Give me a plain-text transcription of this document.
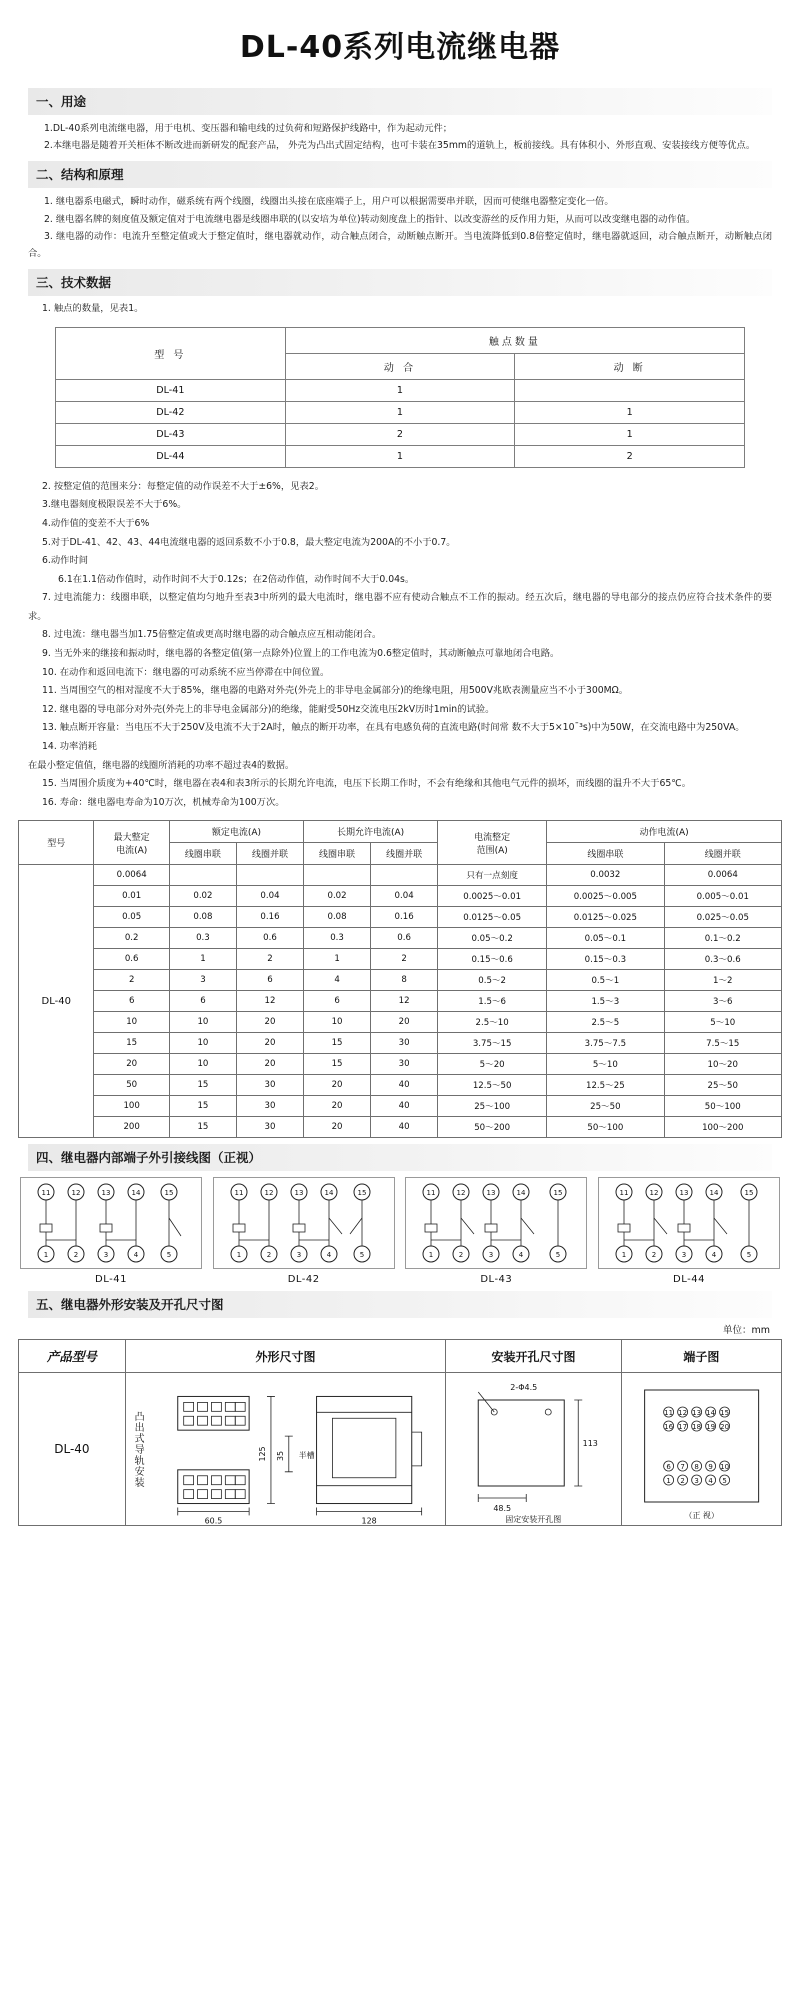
DL-40系列电流继电器
一、用途
1.DL-40系列电流继电器，用于电机、变压器和输电线的过负荷和短路保护线路中，作为起动元件；
2.本继电器是随着开关柜体不断改进而新研发的配套产品， 外壳为凸出式固定结构，也可卡装在35mm的道轨上，板前接线。具有体积小、外形直观、安装接线方便等优点。
二、结构和原理
1. 继电器系电磁式，瞬时动作，磁系统有两个线圈，线圈出头接在底座端子上，用户可以根据需要串并联，因而可使继电器整定变化一倍。
2. 继电器名牌的刻度值及额定值对于电流继电器是线圈串联的(以安培为单位)转动刻度盘上的指针、以改变游丝的反作用力矩，从而可以改变继电器的动作值。
3. 继电器的动作：电流升至整定值或大于整定值时，继电器就动作，动合触点闭合，动断触点断开。当电流降低到0.8倍整定值时，继电器就返回，动合触点断开，动断触点闭合。
三、技术数据
1. 触点的数量，见表1。
型 号	触点数量	
	动 合	动 断
DL-41	1	
DL-42	1	1
DL-43	2	1
DL-44	1	2
2. 按整定值的范围来分：每整定值的动作误差不大于±6%，见表2。
3.继电器刻度极限误差不大于6%。
4.动作值的变差不大于6%
5.对于DL-41、42、43、44电流继电器的返回系数不小于0.8，最大整定电流为200A的不小于0.7。
6.动作时间
6.1在1.1倍动作值时，动作时间不大于0.12s；在2倍动作值，动作时间不大于0.04s。
7. 过电流能力：线圈串联，以整定值均匀地升至表3中所列的最大电流时，继电器不应有使动合触点不工作的振动。经五次后，继电器的导电部分的接点仍应符合技术条件的要求。
8. 过电流：继电器当加1.75倍整定值或更高时继电器的动合触点应互相动能闭合。
9. 当无外来的继接和振动时，继电器的各整定值(第一点除外)位置上的工作电流为0.6整定值时，其动断触点可靠地闭合电路。
10. 在动作和返回电流下：继电器的可动系统不应当停滞在中间位置。
11. 当周围空气的相对湿度不大于85%，继电器的电路对外壳(外壳上的非导电金属部分)的绝缘电阻，用500V兆欧表测量应当不小于300MΩ。
12. 继电器的导电部分对外壳(外壳上的非导电金属部分)的绝缘，能耐受50Hz交流电压2kV历时1min的试验。
13. 触点断开容量：当电压不大于250V及电流不大于2A时，触点的断开功率，在具有电感负荷的直流电路(时间常 数不大于5×10ˉ³s)中为50W，在交流电路中为250VA。
14. 功率消耗
在最小整定值值，继电器的线圈所消耗的功率不超过表4的数据。
15. 当周围介质度为+40℃时，继电器在表4和表3所示的长期允许电流，电压下长期工作时，不会有绝缘和其他电气元件的损坏，而线圈的温升不大于65℃。
16. 寿命：继电器电寿命为10万次，机械寿命为100万次。
型号	
最大整定
电流(A)
	额定电流(A)	长期允许电流(A)	电流整定
范围(A)
	动作电流(A)
		线圈串联	线圈并联	线圈串联	线圈并联		线圈串联	线圈并联
DL-40	0.0064					只有一点刻度	0.0032	0.0064
	0.01	0.02	0.04	0.02	0.04	0.0025～0.01	0.0025～0.005	0.005～0.01
	0.05	0.08	0.16	0.08	0.16	0.0125～0.05	0.0125～0.025	0.025～0.05
	0.2	0.3	0.6	0.3	0.6	0.05～0.2	0.05～0.1	0.1～0.2
	0.6	1	2	1	2	0.15～0.6	0.15～0.3	0.3～0.6
	2	3	6	4	8	0.5～2	0.5～1	1～2
	6	6	12	6	12	1.5～6	1.5～3	3～6
	10	10	20	10	20	2.5～10	2.5～5	5～10
	15	10	20	15	30	3.75～15	3.75～7.5	7.5～15
	20	10	20	15	30	5～20	5～10	10～20
	50	15	30	20	40	12.5～50	12.5～25	25～50
	100	15	30	20	40	25～100	25～50	50～100
	200	15	30	20	40	50～200	50～100	100～200
四、继电器内部端子外引接线图（正视）
11	12	13	14	15
1	2	3	4	5
DL-41
11	12	13	14	15
1	2	3	4	5
DL-42
11	12	13	14	15
1	2	3	4	5
DL-43
11	12	13	14	15
1	2	3	4	5
DL-44
五、继电器外形安装及开孔尺寸图
单位：mm
产品型号	外形尺寸图	安装开孔尺寸图	端子图

DL-40	凸出式导轨安装
60.5
125 35 半槽
128

2-Φ4.5
113
48.5
固定安装开孔图

11 12 13 14 15
16 17 18 19 20
6 7 8 9 10
1 2 3 4 5
（正 视）
